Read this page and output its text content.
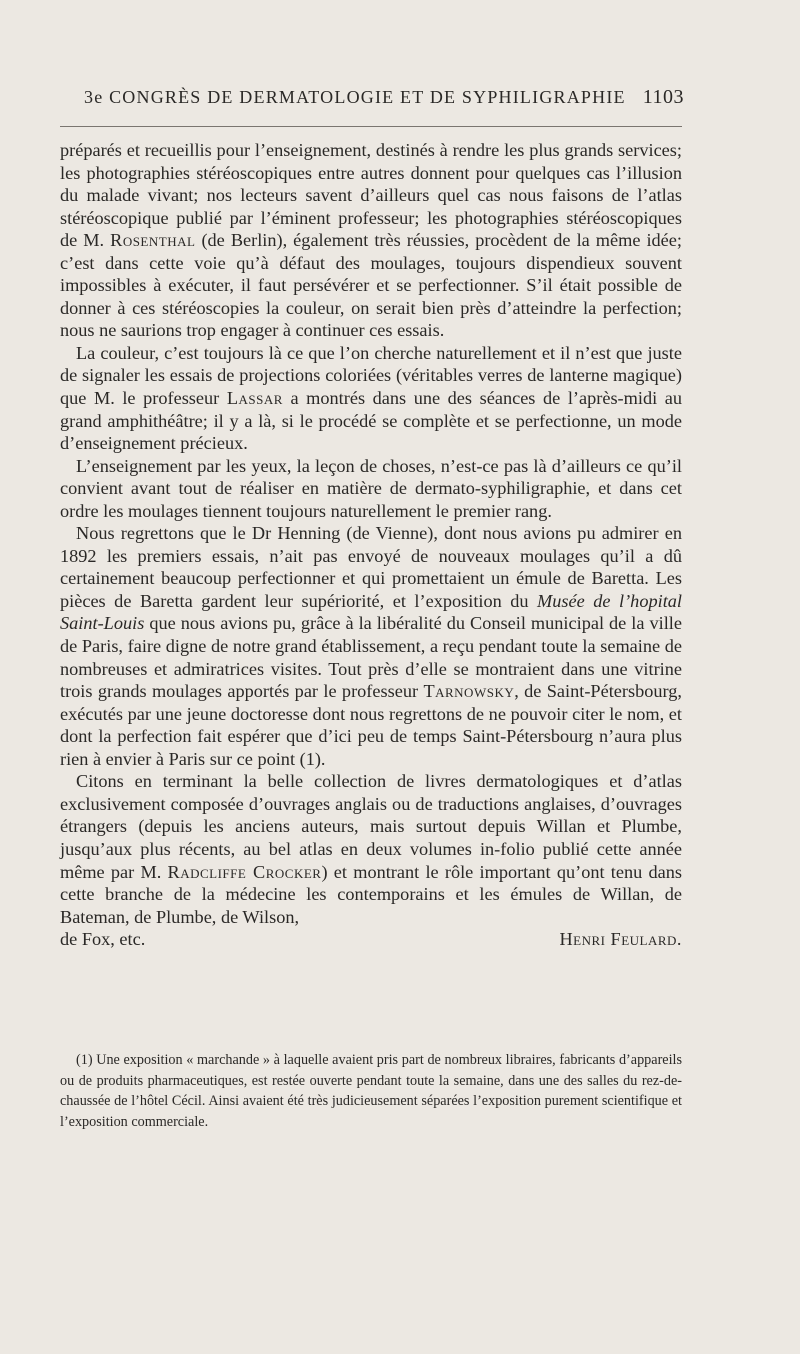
3e CONGRÈS DE DERMATOLOGIE ET DE SYPHILIGRAPHIE 1103

préparés et recueillis pour l’enseignement, destinés à rendre les plus grands services; les photographies stéréoscopiques entre autres donnent pour quelques cas l’illusion du malade vivant; nos lecteurs savent d’ailleurs quel cas nous faisons de l’atlas stéréoscopique publié par l’éminent professeur; les photographies stéréoscopiques de M. Rosenthal (de Berlin), également très réussies, procèdent de la même idée; c’est dans cette voie qu’à défaut des moulages, toujours dispendieux souvent impossibles à exécuter, il faut persévérer et se perfectionner. S’il était possible de donner à ces stéréoscopies la couleur, on serait bien près d’atteindre la perfection; nous ne saurions trop engager à continuer ces essais.

La couleur, c’est toujours là ce que l’on cherche naturellement et il n’est que juste de signaler les essais de projections coloriées (véritables verres de lanterne magique) que M. le professeur Lassar a montrés dans une des séances de l’après-midi au grand amphithéâtre; il y a là, si le procédé se complète et se perfectionne, un mode d’enseignement précieux.

L’enseignement par les yeux, la leçon de choses, n’est-ce pas là d’ailleurs ce qu’il convient avant tout de réaliser en matière de dermato-syphiligraphie, et dans cet ordre les moulages tiennent toujours naturellement le premier rang.

Nous regrettons que le Dr Henning (de Vienne), dont nous avions pu admirer en 1892 les premiers essais, n’ait pas envoyé de nouveaux moulages qu’il a dû certainement beaucoup perfectionner et qui promettaient un émule de Baretta. Les pièces de Baretta gardent leur supériorité, et l’exposition du Musée de l’hopital Saint-Louis que nous avions pu, grâce à la libéralité du Conseil municipal de la ville de Paris, faire digne de notre grand établissement, a reçu pendant toute la semaine de nombreuses et admiratrices visites. Tout près d’elle se montraient dans une vitrine trois grands moulages apportés par le professeur Tarnowsky, de Saint-Pétersbourg, exécutés par une jeune doctoresse dont nous regrettons de ne pouvoir citer le nom, et dont la perfection fait espérer que d’ici peu de temps Saint-Pétersbourg n’aura plus rien à envier à Paris sur ce point (1).

Citons en terminant la belle collection de livres dermatologiques et d’atlas exclusivement composée d’ouvrages anglais ou de traductions anglaises, d’ouvrages étrangers (depuis les anciens auteurs, mais surtout depuis Willan et Plumbe, jusqu’aux plus récents, au bel atlas en deux volumes in-folio publié cette année même par M. Radcliffe Crocker) et montrant le rôle important qu’ont tenu dans cette branche de la médecine les contemporains et les émules de Willan, de Bateman, de Plumbe, de Wilson,

de Fox, etc.	Henri Feulard.

(1) Une exposition « marchande » à laquelle avaient pris part de nombreux libraires, fabricants d’appareils ou de produits pharmaceutiques, est restée ouverte pendant toute la semaine, dans une des salles du rez-de-chaussée de l’hôtel Cécil. Ainsi avaient été très judicieusement séparées l’exposition purement scientifique et l’exposition commerciale.
